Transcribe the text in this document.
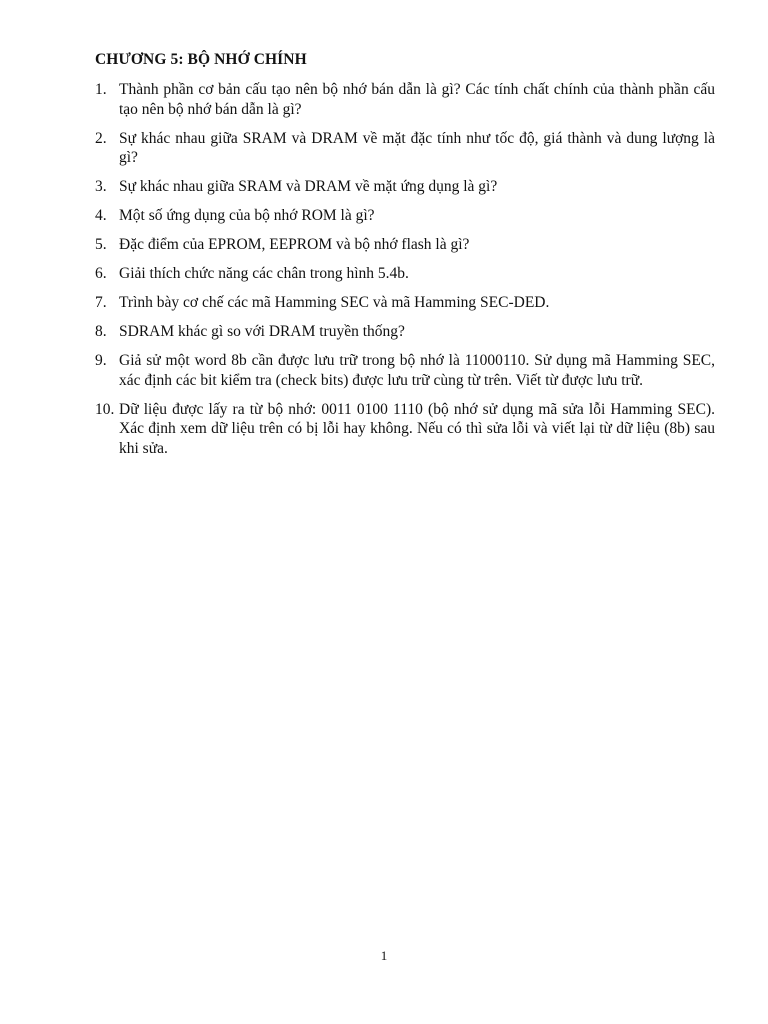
CHƯƠNG 5: BỘ NHỚ CHÍNH
1. Thành phần cơ bản cấu tạo nên bộ nhớ bán dẫn là gì? Các tính chất chính của thành phần cấu tạo nên bộ nhớ bán dẫn là gì?
2. Sự khác nhau giữa SRAM và DRAM về mặt đặc tính như tốc độ, giá thành và dung lượng là gì?
3. Sự khác nhau giữa SRAM và DRAM về mặt ứng dụng là gì?
4. Một số ứng dụng của bộ nhớ ROM là gì?
5. Đặc điểm của EPROM, EEPROM và bộ nhớ flash là gì?
6. Giải thích chức năng các chân trong hình 5.4b.
7. Trình bày cơ chế các mã Hamming SEC và mã Hamming SEC-DED.
8. SDRAM khác gì so với DRAM truyền thống?
9. Giả sử một word 8b cần được lưu trữ trong bộ nhớ là 11000110. Sử dụng mã Hamming SEC, xác định các bit kiểm tra (check bits) được lưu trữ cùng từ trên. Viết từ được lưu trữ.
10. Dữ liệu được lấy ra từ bộ nhớ: 0011 0100 1110 (bộ nhớ sử dụng mã sửa lỗi Hamming SEC). Xác định xem dữ liệu trên có bị lỗi hay không. Nếu có thì sửa lỗi và viết lại từ dữ liệu (8b) sau khi sửa.
1
